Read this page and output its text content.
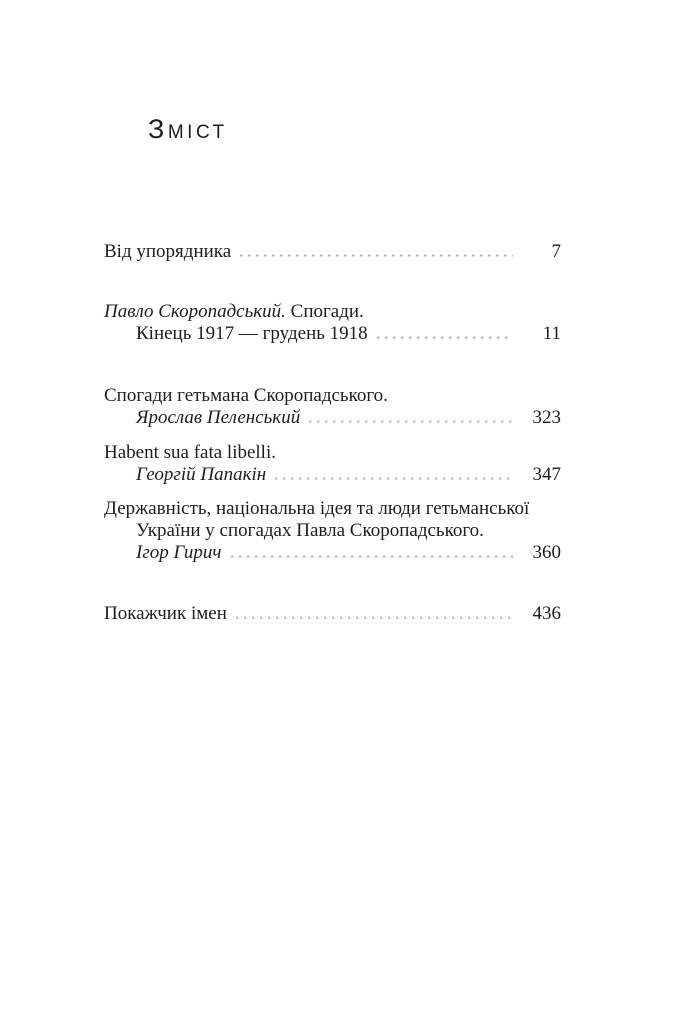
Зміст
Від упорядника	7
Павло Скоропадський. Спогади.
Кінець 1917 — грудень 1918	11
Спогади гетьмана Скоропадського.
Ярослав Пеленський	323
Habent sua fata libelli.
Георгій Папакін	347
Державність, національна ідея та люди гетьманської
України у спогадах Павла Скоропадського.
Ігор Гирич	360
Покажчик імен	436
